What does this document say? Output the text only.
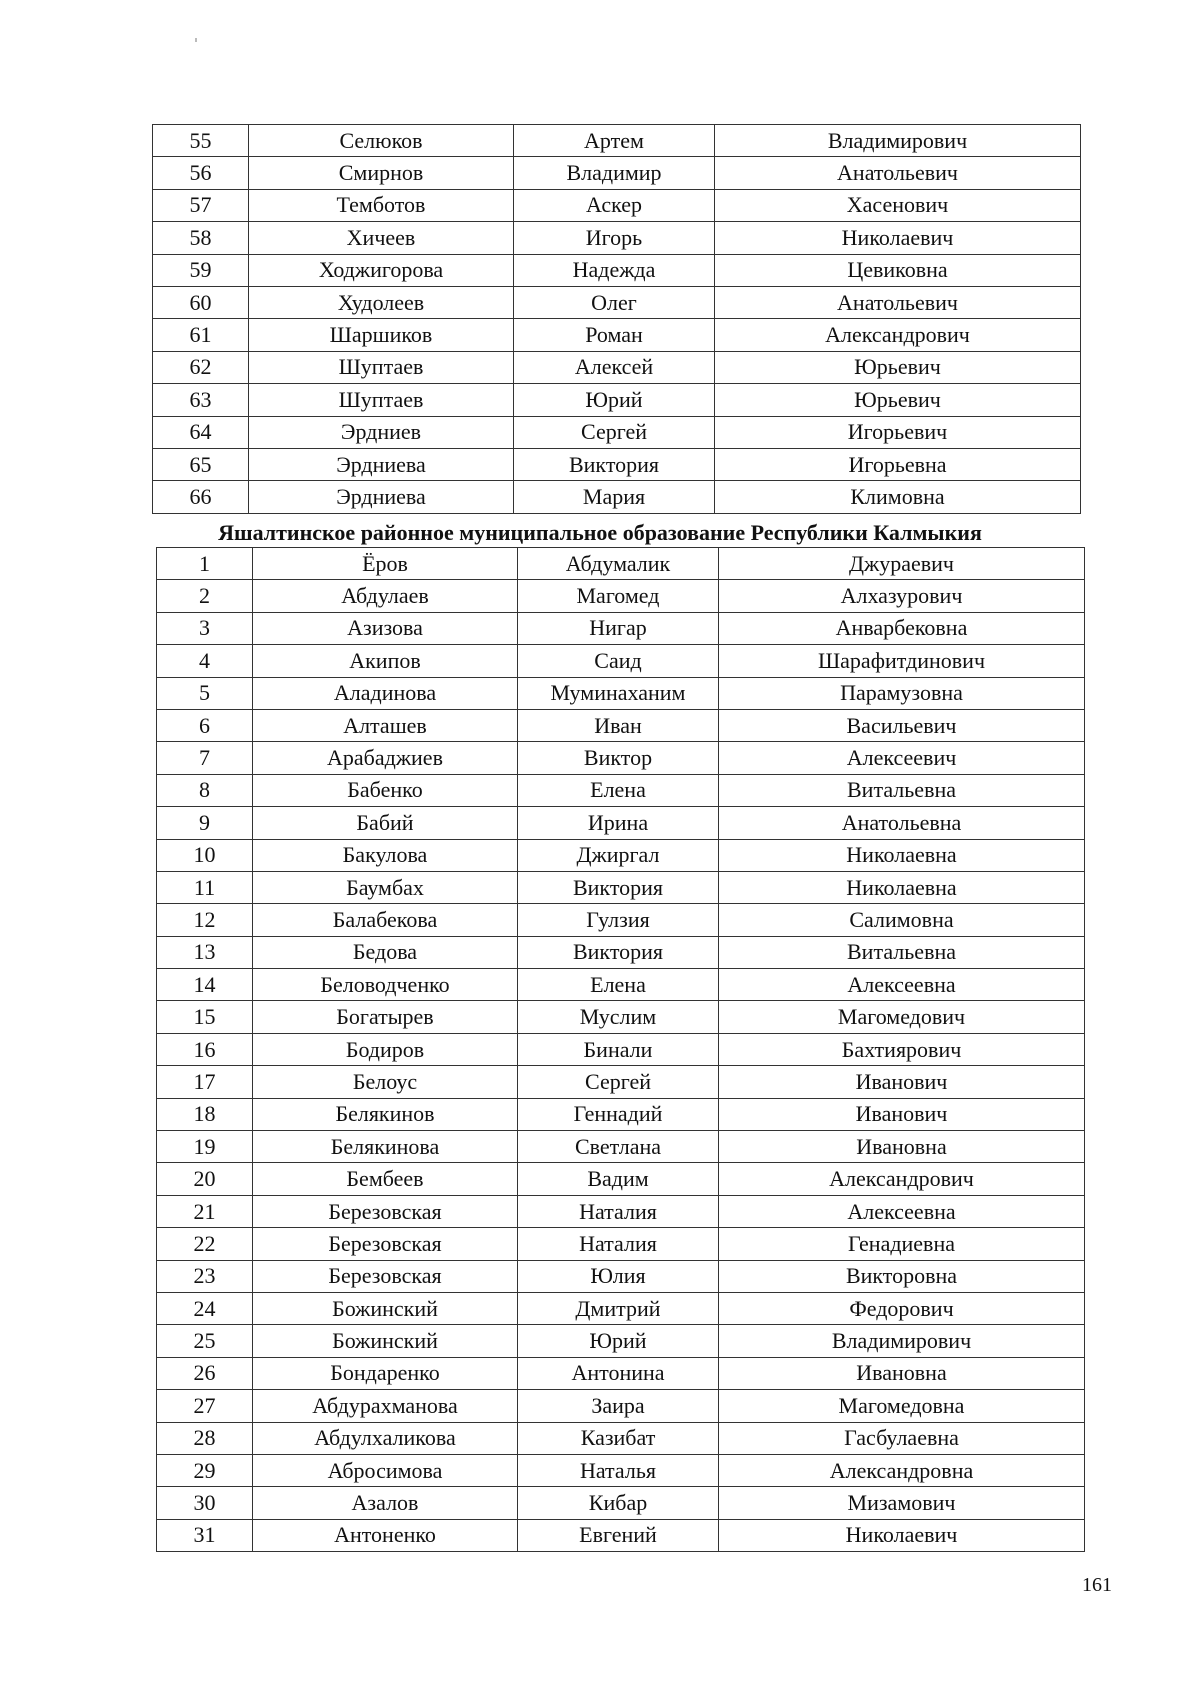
55	Селюков	Артем	Владимирович
56	Смирнов	Владимир	Анатольевич
57	Темботов	Аскер	Хасенович
58	Хичеев	Игорь	Николаевич
59	Ходжигорова	Надежда	Цевиковна
60	Худолеев	Олег	Анатольевич
61	Шаршиков	Роман	Александрович
62	Шуптаев	Алексей	Юрьевич
63	Шуптаев	Юрий	Юрьевич
64	Эрдниев	Сергей	Игорьевич
65	Эрдниева	Виктория	Игорьевна
66	Эрдниева	Мария	Климовна
Яшалтинское районное муниципальное образование Республики Калмыкия
1	Ёров	Абдумалик	Джураевич
2	Абдулаев	Магомед	Алхазурович
3	Азизова	Нигар	Анварбековна
4	Акипов	Саид	Шарафитдинович
5	Аладинова	Муминаханим	Парамузовна
6	Алташев	Иван	Васильевич
7	Арабаджиев	Виктор	Алексеевич
8	Бабенко	Елена	Витальевна
9	Бабий	Ирина	Анатольевна
10	Бакулова	Джиргал	Николаевна
11	Баумбах	Виктория	Николаевна
12	Балабекова	Гулзия	Салимовна
13	Бедова	Виктория	Витальевна
14	Беловодченко	Елена	Алексеевна
15	Богатырев	Муслим	Магомедович
16	Бодиров	Бинали	Бахтиярович
17	Белоус	Сергей	Иванович
18	Белякинов	Геннадий	Иванович
19	Белякинова	Светлана	Ивановна
20	Бембеев	Вадим	Александрович
21	Березовская	Наталия	Алексеевна
22	Березовская	Наталия	Генадиевна
23	Березовская	Юлия	Викторовна
24	Божинский	Дмитрий	Федорович
25	Божинский	Юрий	Владимирович
26	Бондаренко	Антонина	Ивановна
27	Абдурахманова	Заира	Магомедовна
28	Абдулхаликова	Казибат	Гасбулаевна
29	Абросимова	Наталья	Александровна
30	Азалов	Кибар	Мизамович
31	Антоненко	Евгений	Николаевич
161
